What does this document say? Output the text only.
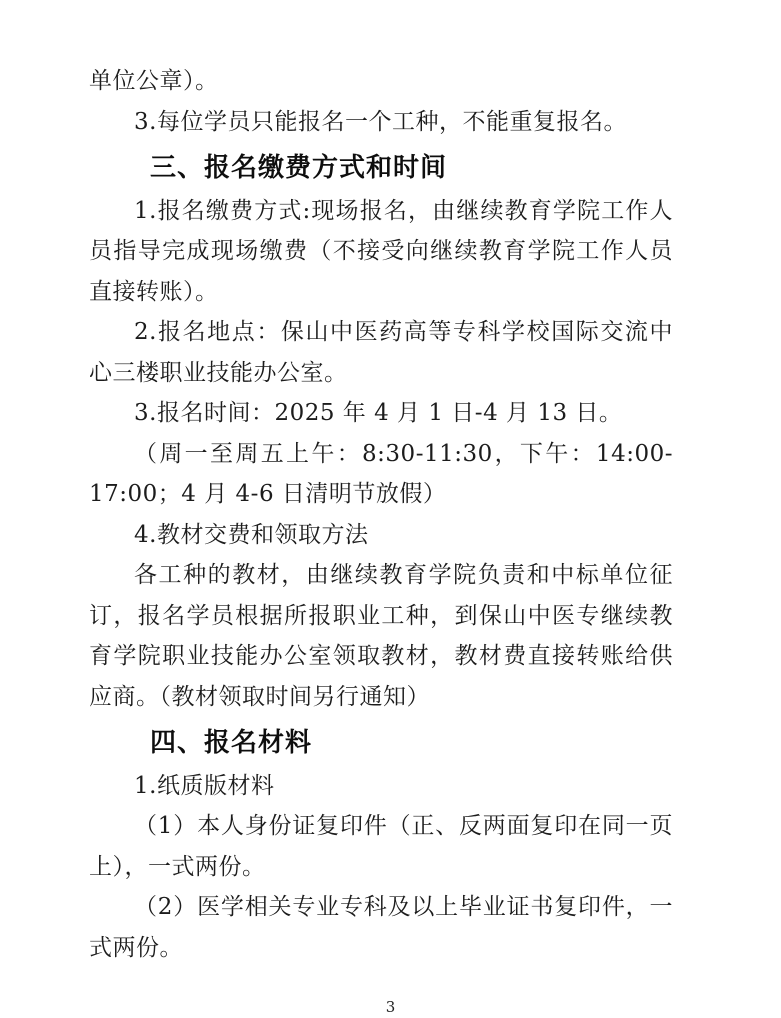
单位公章）。

3.每位学员只能报名一个工种，不能重复报名。

三、报名缴费方式和时间

1.报名缴费方式:现场报名，由继续教育学院工作人员指导完成现场缴费（不接受向继续教育学院工作人员直接转账）。

2.报名地点：保山中医药高等专科学校国际交流中心三楼职业技能办公室。

3.报名时间：2025 年 4 月 1 日-4 月 13 日。

（周一至周五上午：8:30-11:30，下午：14:00-17:00；4 月 4-6 日清明节放假）

4.教材交费和领取方法

各工种的教材，由继续教育学院负责和中标单位征订，报名学员根据所报职业工种，到保山中医专继续教育学院职业技能办公室领取教材，教材费直接转账给供应商。（教材领取时间另行通知）

四、报名材料

1.纸质版材料

（1）本人身份证复印件（正、反两面复印在同一页上），一式两份。

（2）医学相关专业专科及以上毕业证书复印件，一式两份。

3
